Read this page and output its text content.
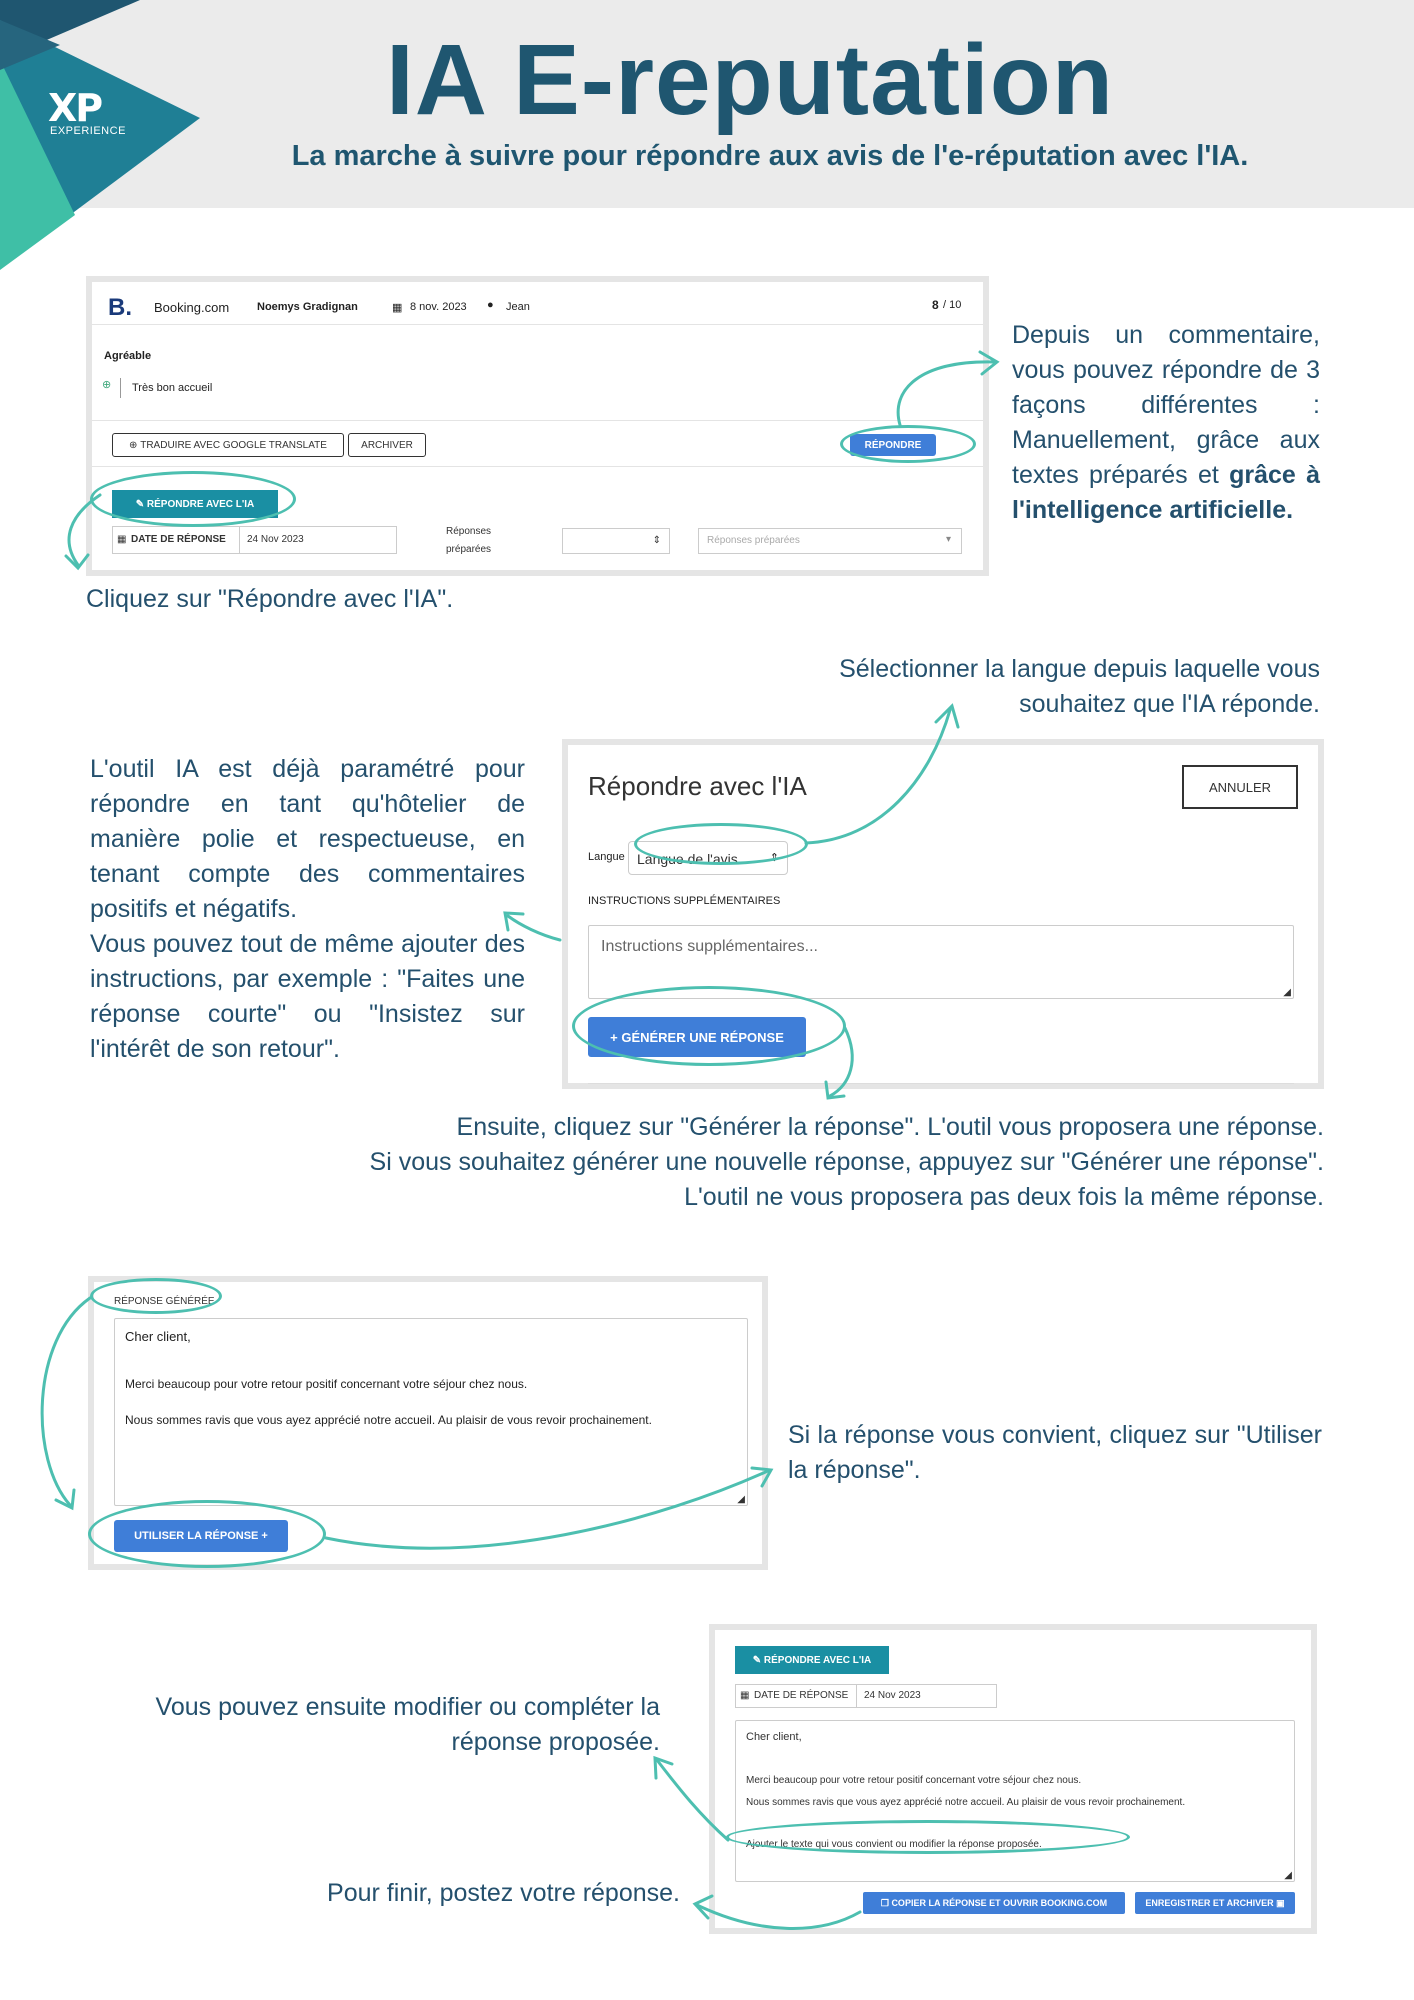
XP
EXPERIENCE	IA E-reputation
La marche à suivre pour répondre aux avis de l'e-réputation avec l'IA.
B. Booking.com	Noemys Gradignan	▦ 8 nov. 2023 ● Jean	8 / 10
Agréable
⊕ Très bon accueil
⊕ TRADUIRE AVEC GOOGLE TRANSLATE	ARCHIVER	RÉPONDRE
✎ RÉPONDRE AVEC L'IA
▦ DATE DE RÉPONSE 24 Nov 2023
Réponses
préparées
⇕	Réponses préparées	▾
Depuis un commentaire, vous pouvez répondre de 3 façons différentes : Manuellement, grâce aux textes préparés et grâce à l'intelligence artificielle.
Cliquez sur "Répondre avec l'IA".
Sélectionner la langue depuis laquelle vous souhaitez que l'IA réponde.
L'outil IA est déjà paramétré pour répondre en tant qu'hôtelier de manière polie et respectueuse, en tenant compte des commentaires positifs et négatifs.
Vous pouvez tout de même ajouter des instructions, par exemple : "Faites une réponse courte" ou "Insistez sur l'intérêt de son retour".
Répondre avec l'IA	ANNULER
Langue Langue de l'avis	⇕
INSTRUCTIONS SUPPLÉMENTAIRES
Instructions supplémentaires...
◢
+ GÉNÉRER UNE RÉPONSE
Ensuite, cliquez sur "Générer la réponse". L'outil vous proposera une réponse.
Si vous souhaitez générer une nouvelle réponse, appuyez sur "Générer une réponse".
L'outil ne vous proposera pas deux fois la même réponse.
RÉPONSE GÉNÉRÉE
Cher client,
Merci beaucoup pour votre retour positif concernant votre séjour chez nous.
Nous sommes ravis que vous ayez apprécié notre accueil. Au plaisir de vous revoir prochainement.
◢
UTILISER LA RÉPONSE +
Si la réponse vous convient, cliquez sur "Utiliser la réponse".
Vous pouvez ensuite modifier ou compléter la réponse proposée.
Pour finir, postez votre réponse.
✎ RÉPONDRE AVEC L'IA
▦ DATE DE RÉPONSE 24 Nov 2023
Cher client,
Merci beaucoup pour votre retour positif concernant votre séjour chez nous.
Nous sommes ravis que vous ayez apprécié notre accueil. Au plaisir de vous revoir prochainement.
Ajouter le texte qui vous convient ou modifier la réponse proposée.
◢
❐ COPIER LA RÉPONSE ET OUVRIR BOOKING.COM	ENREGISTRER ET ARCHIVER ▣
